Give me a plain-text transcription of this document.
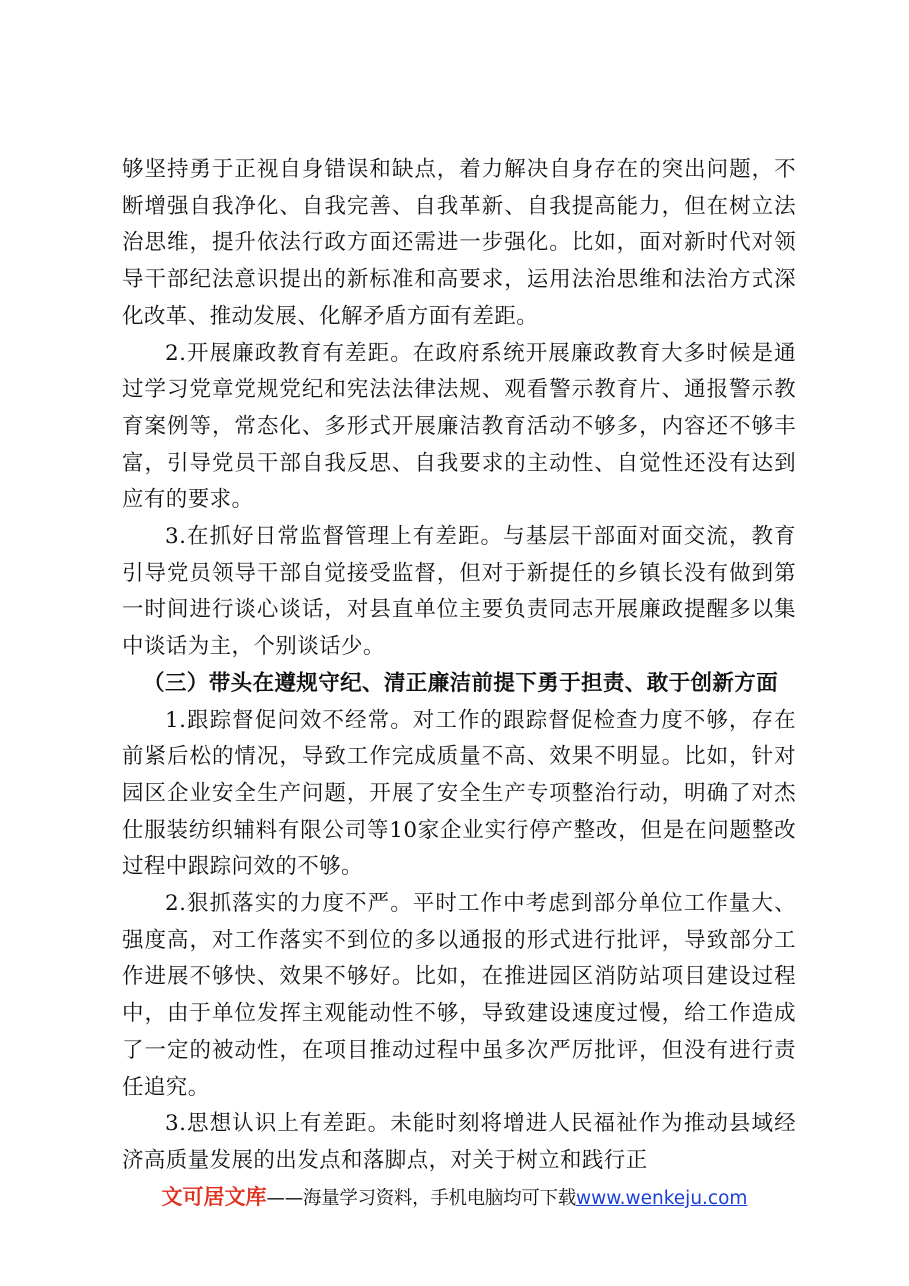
够坚持勇于正视自身错误和缺点，着力解决自身存在的突出问题，不断增强自我净化、自我完善、自我革新、自我提高能力，但在树立法治思维，提升依法行政方面还需进一步强化。比如，面对新时代对领导干部纪法意识提出的新标准和高要求，运用法治思维和法治方式深化改革、推动发展、化解矛盾方面有差距。

2.开展廉政教育有差距。在政府系统开展廉政教育大多时候是通过学习党章党规党纪和宪法法律法规、观看警示教育片、通报警示教育案例等，常态化、多形式开展廉洁教育活动不够多，内容还不够丰富，引导党员干部自我反思、自我要求的主动性、自觉性还没有达到应有的要求。

3.在抓好日常监督管理上有差距。与基层干部面对面交流，教育引导党员领导干部自觉接受监督，但对于新提任的乡镇长没有做到第一时间进行谈心谈话，对县直单位主要负责同志开展廉政提醒多以集中谈话为主，个别谈话少。

（三）带头在遵规守纪、清正廉洁前提下勇于担责、敢于创新方面

1.跟踪督促问效不经常。对工作的跟踪督促检查力度不够，存在前紧后松的情况，导致工作完成质量不高、效果不明显。比如，针对园区企业安全生产问题，开展了安全生产专项整治行动，明确了对杰仕服装纺织辅料有限公司等10家企业实行停产整改，但是在问题整改过程中跟踪问效的不够。

2.狠抓落实的力度不严。平时工作中考虑到部分单位工作量大、强度高，对工作落实不到位的多以通报的形式进行批评，导致部分工作进展不够快、效果不够好。比如，在推进园区消防站项目建设过程中，由于单位发挥主观能动性不够，导致建设速度过慢，给工作造成了一定的被动性，在项目推动过程中虽多次严厉批评，但没有进行责任追究。

3.思想认识上有差距。未能时刻将增进人民福祉作为推动县域经济高质量发展的出发点和落脚点，对关于树立和践行正

文可居文库——海量学习资料，手机电脑均可下载www.wenkeju.com
